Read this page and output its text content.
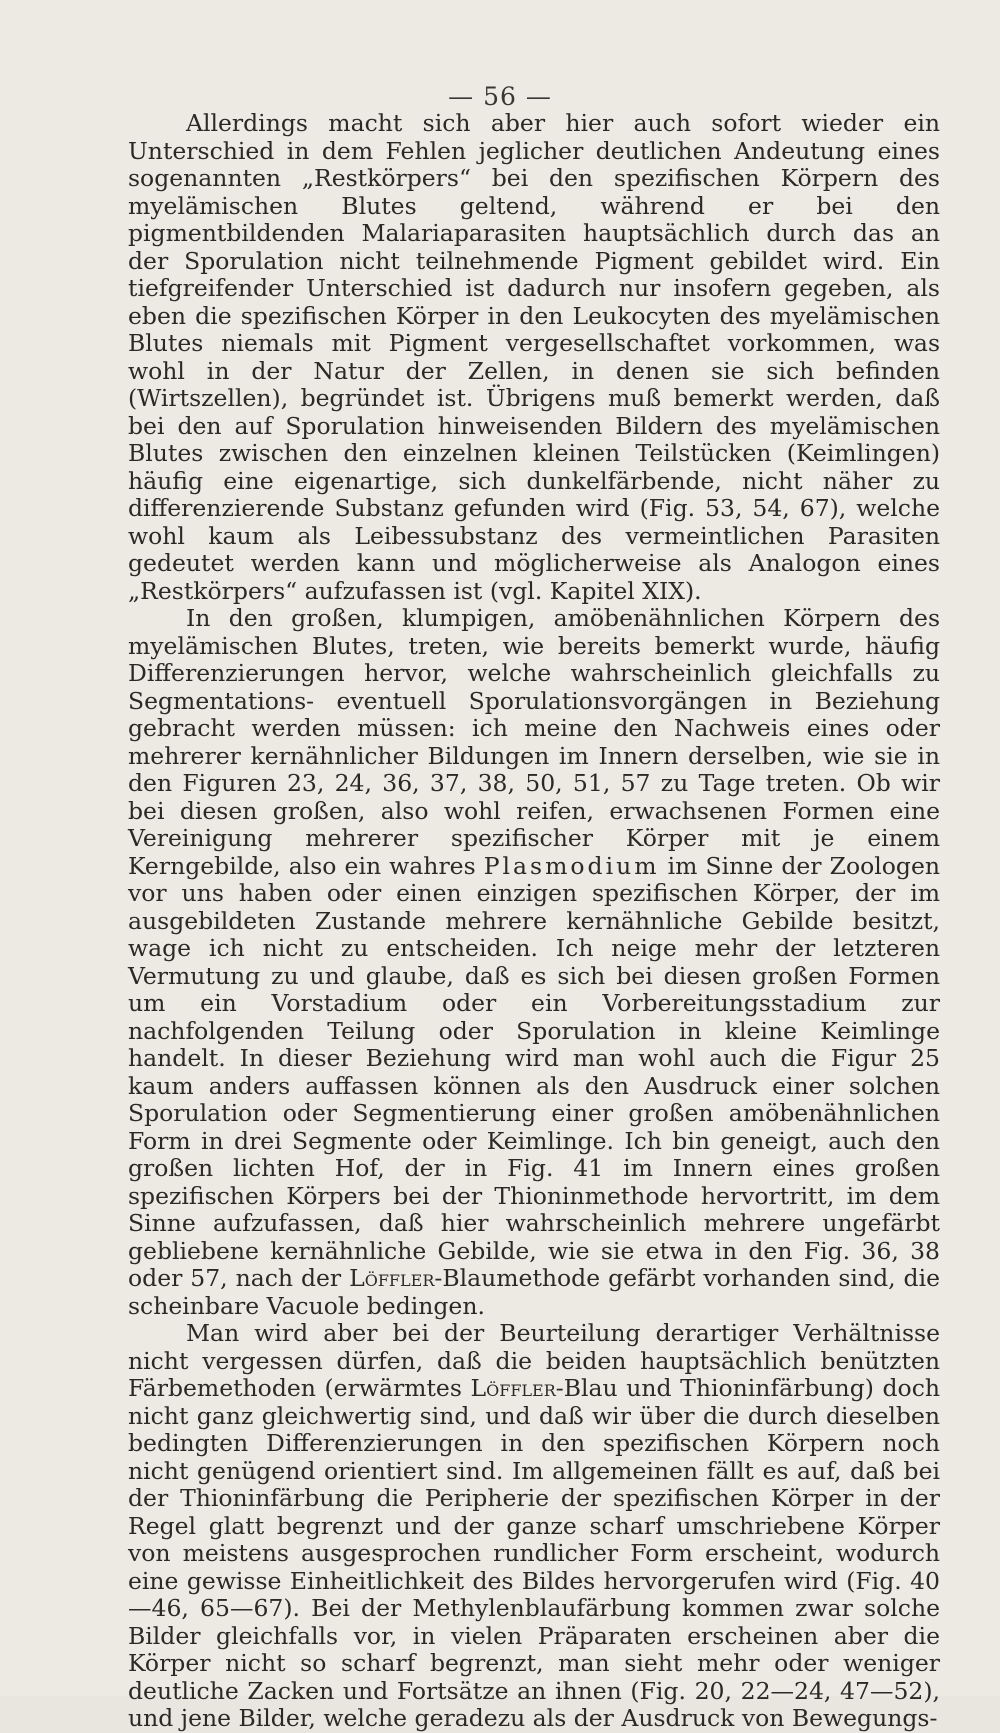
— 56 —

Allerdings macht sich aber hier auch sofort wieder ein Unterschied in dem Fehlen jeglicher deutlichen Andeutung eines sogenannten „Restkörpers“ bei den spezifischen Körpern des myelämischen Blutes geltend, während er bei den pigmentbildenden Malariaparasiten hauptsächlich durch das an der Sporulation nicht teilnehmende Pigment gebildet wird. Ein tiefgreifender Unterschied ist dadurch nur insofern gegeben, als eben die spezifischen Körper in den Leukocyten des myelämischen Blutes niemals mit Pigment vergesellschaftet vorkommen, was wohl in der Natur der Zellen, in denen sie sich befinden (Wirtszellen), begründet ist. Übrigens muß bemerkt werden, daß bei den auf Sporulation hinweisenden Bildern des myelämischen Blutes zwischen den einzelnen kleinen Teilstücken (Keimlingen) häufig eine eigenartige, sich dunkelfärbende, nicht näher zu differenzierende Substanz gefunden wird (Fig. 53, 54, 67), welche wohl kaum als Leibessubstanz des vermeintlichen Parasiten gedeutet werden kann und möglicherweise als Analogon eines „Restkörpers“ aufzufassen ist (vgl. Kapitel XIX).

In den großen, klumpigen, amöbenähnlichen Körpern des myelämischen Blutes, treten, wie bereits bemerkt wurde, häufig Differenzierungen hervor, welche wahrscheinlich gleichfalls zu Segmentations- eventuell Sporulationsvorgängen in Beziehung gebracht werden müssen: ich meine den Nachweis eines oder mehrerer kernähnlicher Bildungen im Innern derselben, wie sie in den Figuren 23, 24, 36, 37, 38, 50, 51, 57 zu Tage treten. Ob wir bei diesen großen, also wohl reifen, erwachsenen Formen eine Vereinigung mehrerer spezifischer Körper mit je einem Kerngebilde, also ein wahres Plasmodium im Sinne der Zoologen vor uns haben oder einen einzigen spezifischen Körper, der im ausgebildeten Zustande mehrere kernähnliche Gebilde besitzt, wage ich nicht zu entscheiden. Ich neige mehr der letzteren Vermutung zu und glaube, daß es sich bei diesen großen Formen um ein Vorstadium oder ein Vorbereitungsstadium zur nachfolgenden Teilung oder Sporulation in kleine Keimlinge handelt. In dieser Beziehung wird man wohl auch die Figur 25 kaum anders auffassen können als den Ausdruck einer solchen Sporulation oder Segmentierung einer großen amöbenähnlichen Form in drei Segmente oder Keimlinge. Ich bin geneigt, auch den großen lichten Hof, der in Fig. 41 im Innern eines großen spezifischen Körpers bei der Thioninmethode hervortritt, im dem Sinne aufzufassen, daß hier wahrscheinlich mehrere ungefärbt gebliebene kernähnliche Gebilde, wie sie etwa in den Fig. 36, 38 oder 57, nach der Löffler-Blaumethode gefärbt vorhanden sind, die scheinbare Vacuole bedingen.

Man wird aber bei der Beurteilung derartiger Verhältnisse nicht vergessen dürfen, daß die beiden hauptsächlich benützten Färbemethoden (erwärmtes Löffler-Blau und Thioninfärbung) doch nicht ganz gleichwertig sind, und daß wir über die durch dieselben bedingten Differenzierungen in den spezifischen Körpern noch nicht genügend orientiert sind. Im allgemeinen fällt es auf, daß bei der Thioninfärbung die Peripherie der spezifischen Körper in der Regel glatt begrenzt und der ganze scharf umschriebene Körper von meistens ausgesprochen rundlicher Form erscheint, wodurch eine gewisse Einheitlichkeit des Bildes hervorgerufen wird (Fig. 40—46, 65—67). Bei der Methylenblaufärbung kommen zwar solche Bilder gleichfalls vor, in vielen Präparaten erscheinen aber die Körper nicht so scharf begrenzt, man sieht mehr oder weniger deutliche Zacken und Fortsätze an ihnen (Fig. 20, 22—24, 47—52), und jene Bilder, welche geradezu als der Ausdruck von Bewegungs-
